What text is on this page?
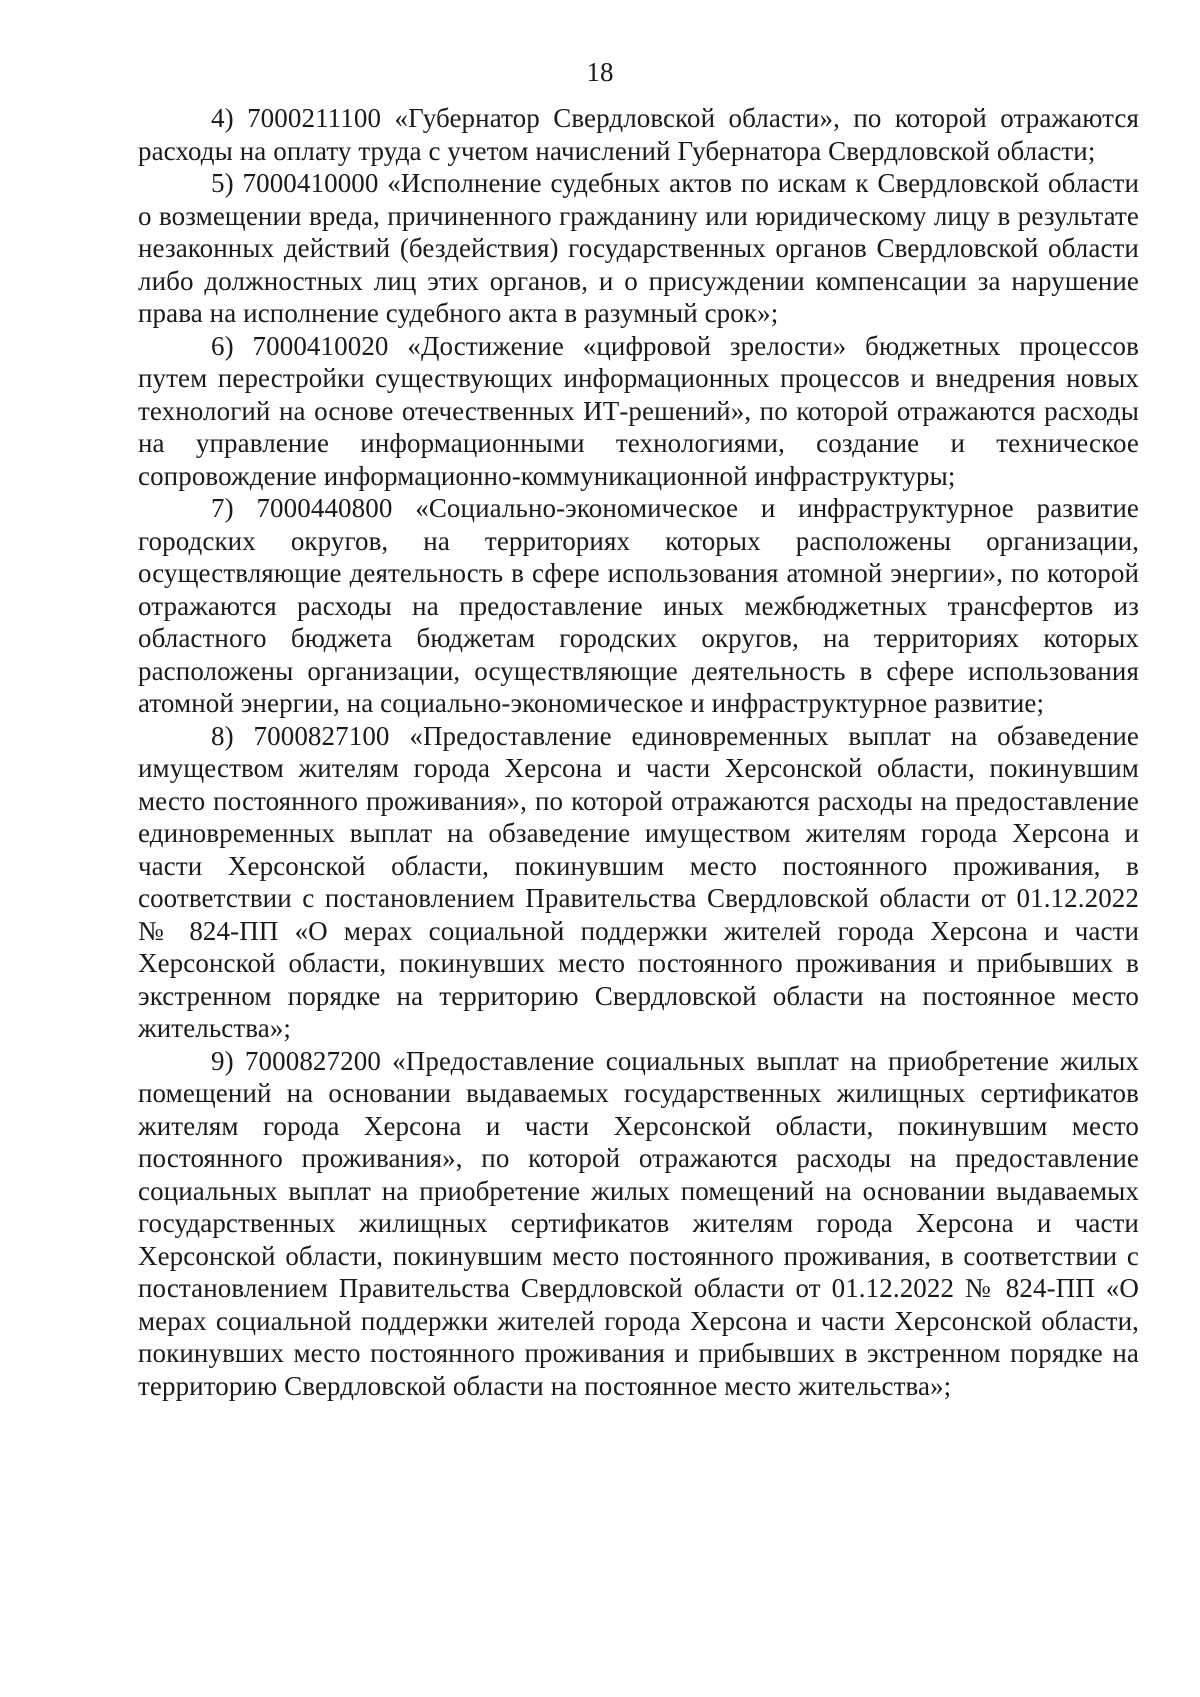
18

4) 7000211100 «Губернатор Свердловской области», по которой отражаются расходы на оплату труда с учетом начислений Губернатора Свердловской области;

5) 7000410000 «Исполнение судебных актов по искам к Свердловской области о возмещении вреда, причиненного гражданину или юридическому лицу в результате незаконных действий (бездействия) государственных органов Свердловской области либо должностных лиц этих органов, и о присуждении компенсации за нарушение права на исполнение судебного акта в разумный срок»;

6) 7000410020 «Достижение «цифровой зрелости» бюджетных процессов путем перестройки существующих информационных процессов и внедрения новых технологий на основе отечественных ИТ-решений», по которой отражаются расходы на управление информационными технологиями, создание и техническое сопровождение информационно-коммуникационной инфраструктуры;

7) 7000440800 «Социально-экономическое и инфраструктурное развитие городских округов, на территориях которых расположены организации, осуществляющие деятельность в сфере использования атомной энергии», по которой отражаются расходы на предоставление иных межбюджетных трансфертов из областного бюджета бюджетам городских округов, на территориях которых расположены организации, осуществляющие деятельность в сфере использования атомной энергии, на социально-экономическое и инфраструктурное развитие;

8) 7000827100 «Предоставление единовременных выплат на обзаведение имуществом жителям города Херсона и части Херсонской области, покинувшим место постоянного проживания», по которой отражаются расходы на предоставление единовременных выплат на обзаведение имуществом жителям города Херсона и части Херсонской области, покинувшим место постоянного проживания, в соответствии с постановлением Правительства Свердловской области от 01.12.2022 № 824-ПП «О мерах социальной поддержки жителей города Херсона и части Херсонской области, покинувших место постоянного проживания и прибывших в экстренном порядке на территорию Свердловской области на постоянное место жительства»;

9) 7000827200 «Предоставление социальных выплат на приобретение жилых помещений на основании выдаваемых государственных жилищных сертификатов жителям города Херсона и части Херсонской области, покинувшим место постоянного проживания», по которой отражаются расходы на предоставление социальных выплат на приобретение жилых помещений на основании выдаваемых государственных жилищных сертификатов жителям города Херсона и части Херсонской области, покинувшим место постоянного проживания, в соответствии с постановлением Правительства Свердловской области от 01.12.2022 № 824-ПП «О мерах социальной поддержки жителей города Херсона и части Херсонской области, покинувших место постоянного проживания и прибывших в экстренном порядке на территорию Свердловской области на постоянное место жительства»;
